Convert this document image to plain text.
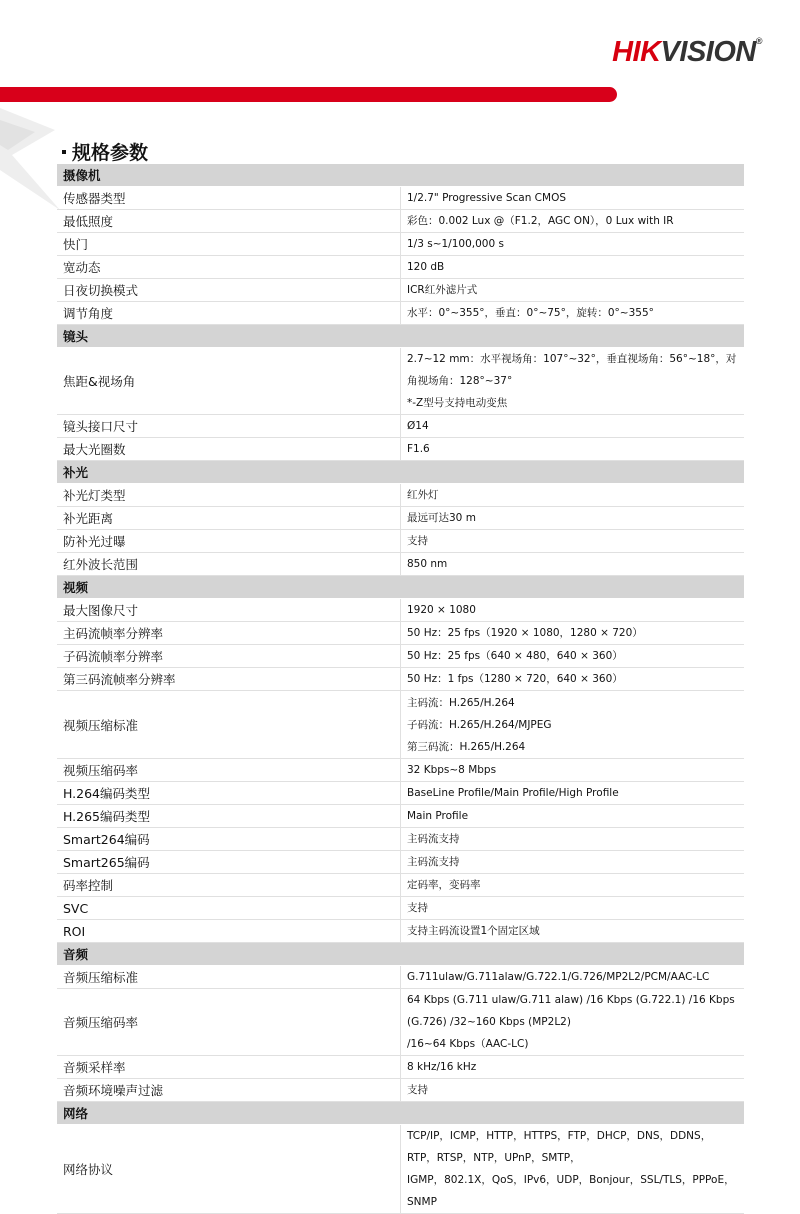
HIKVISION®
规格参数
摄像机	
传感器类型	1/2.7" Progressive Scan CMOS

最低照度	彩色：0.002 Lux @（F1.2，AGC ON），0 Lux with IR

快门	1/3 s~1/100,000 s

宽动态	120 dB

日夜切换模式	ICR红外滤片式

调节角度	水平：0°~355°，垂直：0°~75°，旋转：0°~355°

镜头	
焦距&视场角	2.7~12 mm：水平视场角：107°~32°，垂直视场角：56°~18°，对角视场角：128°~37°
*-Z型号支持电动变焦

镜头接口尺寸	Ø14

最大光圈数	F1.6

补光	
补光灯类型	红外灯

补光距离	最远可达30 m

防补光过曝	支持

红外波长范围	850 nm

视频	
最大图像尺寸	1920 × 1080

主码流帧率分辨率	50 Hz：25 fps（1920 × 1080，1280 × 720）

子码流帧率分辨率	50 Hz：25 fps（640 × 480，640 × 360）

第三码流帧率分辨率	50 Hz：1 fps（1280 × 720，640 × 360）

视频压缩标准	主码流：H.265/H.264
子码流：H.265/H.264/MJPEG
第三码流：H.265/H.264

视频压缩码率	32 Kbps~8 Mbps

H.264编码类型	BaseLine Profile/Main Profile/High Profile

H.265编码类型	Main Profile

Smart264编码	主码流支持

Smart265编码	主码流支持

码率控制	定码率，变码率

SVC	支持

ROI	支持主码流设置1个固定区域

音频	
音频压缩标准	G.711ulaw/G.711alaw/G.722.1/G.726/MP2L2/PCM/AAC-LC

音频压缩码率	64 Kbps (G.711 ulaw/G.711 alaw) /16 Kbps (G.722.1) /16 Kbps (G.726) /32~160 Kbps (MP2L2)
/16~64 Kbps（AAC-LC)

音频采样率	8 kHz/16 kHz

音频环境噪声过滤	支持

网络	
网络协议	TCP/IP，ICMP，HTTP，HTTPS，FTP，DHCP，DNS，DDNS，RTP，RTSP，NTP，UPnP，SMTP，
IGMP，802.1X，QoS，IPv6，UDP，Bonjour，SSL/TLS，PPPoE，SNMP
